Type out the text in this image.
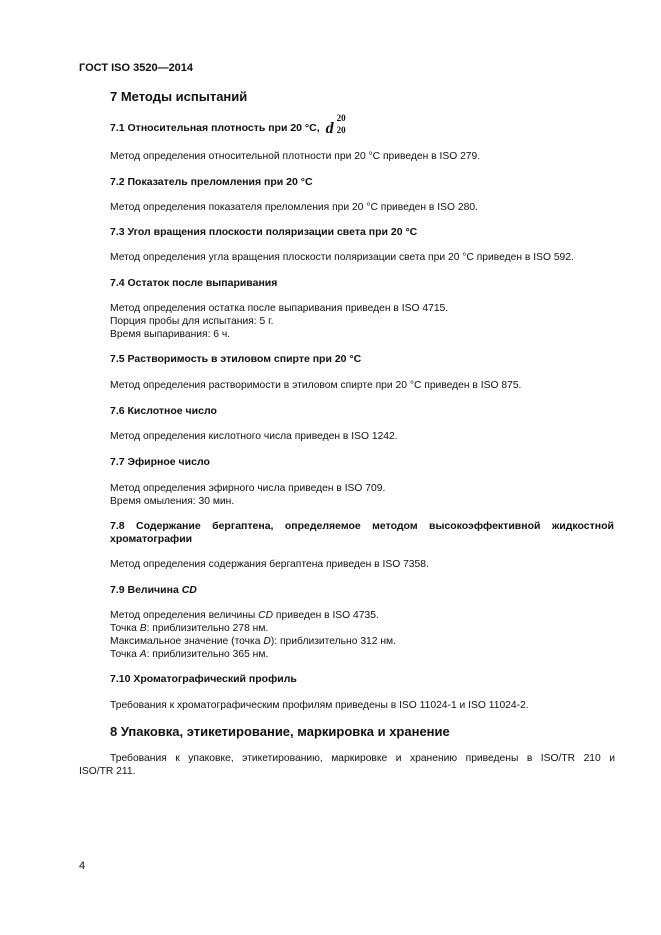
ГОСТ ISO 3520—2014
7 Методы испытаний
7.1 Относительная плотность при 20 °С, d
20
20
Метод определения относительной плотности при 20 °С приведен в ISO 279.
7.2 Показатель преломления при 20 °С
Метод определения показателя преломления при 20 °С приведен в ISO 280.
7.3 Угол вращения плоскости поляризации света при 20 °С
Метод определения угла вращения плоскости поляризации света при 20 °С приведен в ISO 592.
7.4 Остаток после выпаривания
Метод определения остатка после выпаривания приведен в ISO 4715.
Порция пробы для испытания: 5 г.
Время выпаривания: 6 ч.
7.5 Растворимость в этиловом спирте при 20 °С
Метод определения растворимости в этиловом спирте при 20 °С приведен в ISO 875.
7.6 Кислотное число
Метод определения кислотного числа приведен в ISO 1242.
7.7 Эфирное число
Метод определения эфирного числа приведен в ISO 709.
Время омыления: 30 мин.
7.8 Содержание бергаптена, определяемое методом высокоэффективной жидкостной
хроматографии
Метод определения содержания бергаптена приведен в ISO 7358.
7.9 Величина CD
Метод определения величины CD приведен в ISO 4735.
Точка B: приблизительно 278 нм.
Максимальное значение (точка D): приблизительно 312 нм.
Точка A: приблизительно 365 нм.
7.10 Хроматографический профиль
Требования к хроматографическим профилям приведены в ISO 11024-1 и ISO 11024-2.
8 Упаковка, этикетирование, маркировка и хранение
Требования к упаковке, этикетированию, маркировке и хранению приведены в ISO/TR 210 и
ISO/TR 211.
4
